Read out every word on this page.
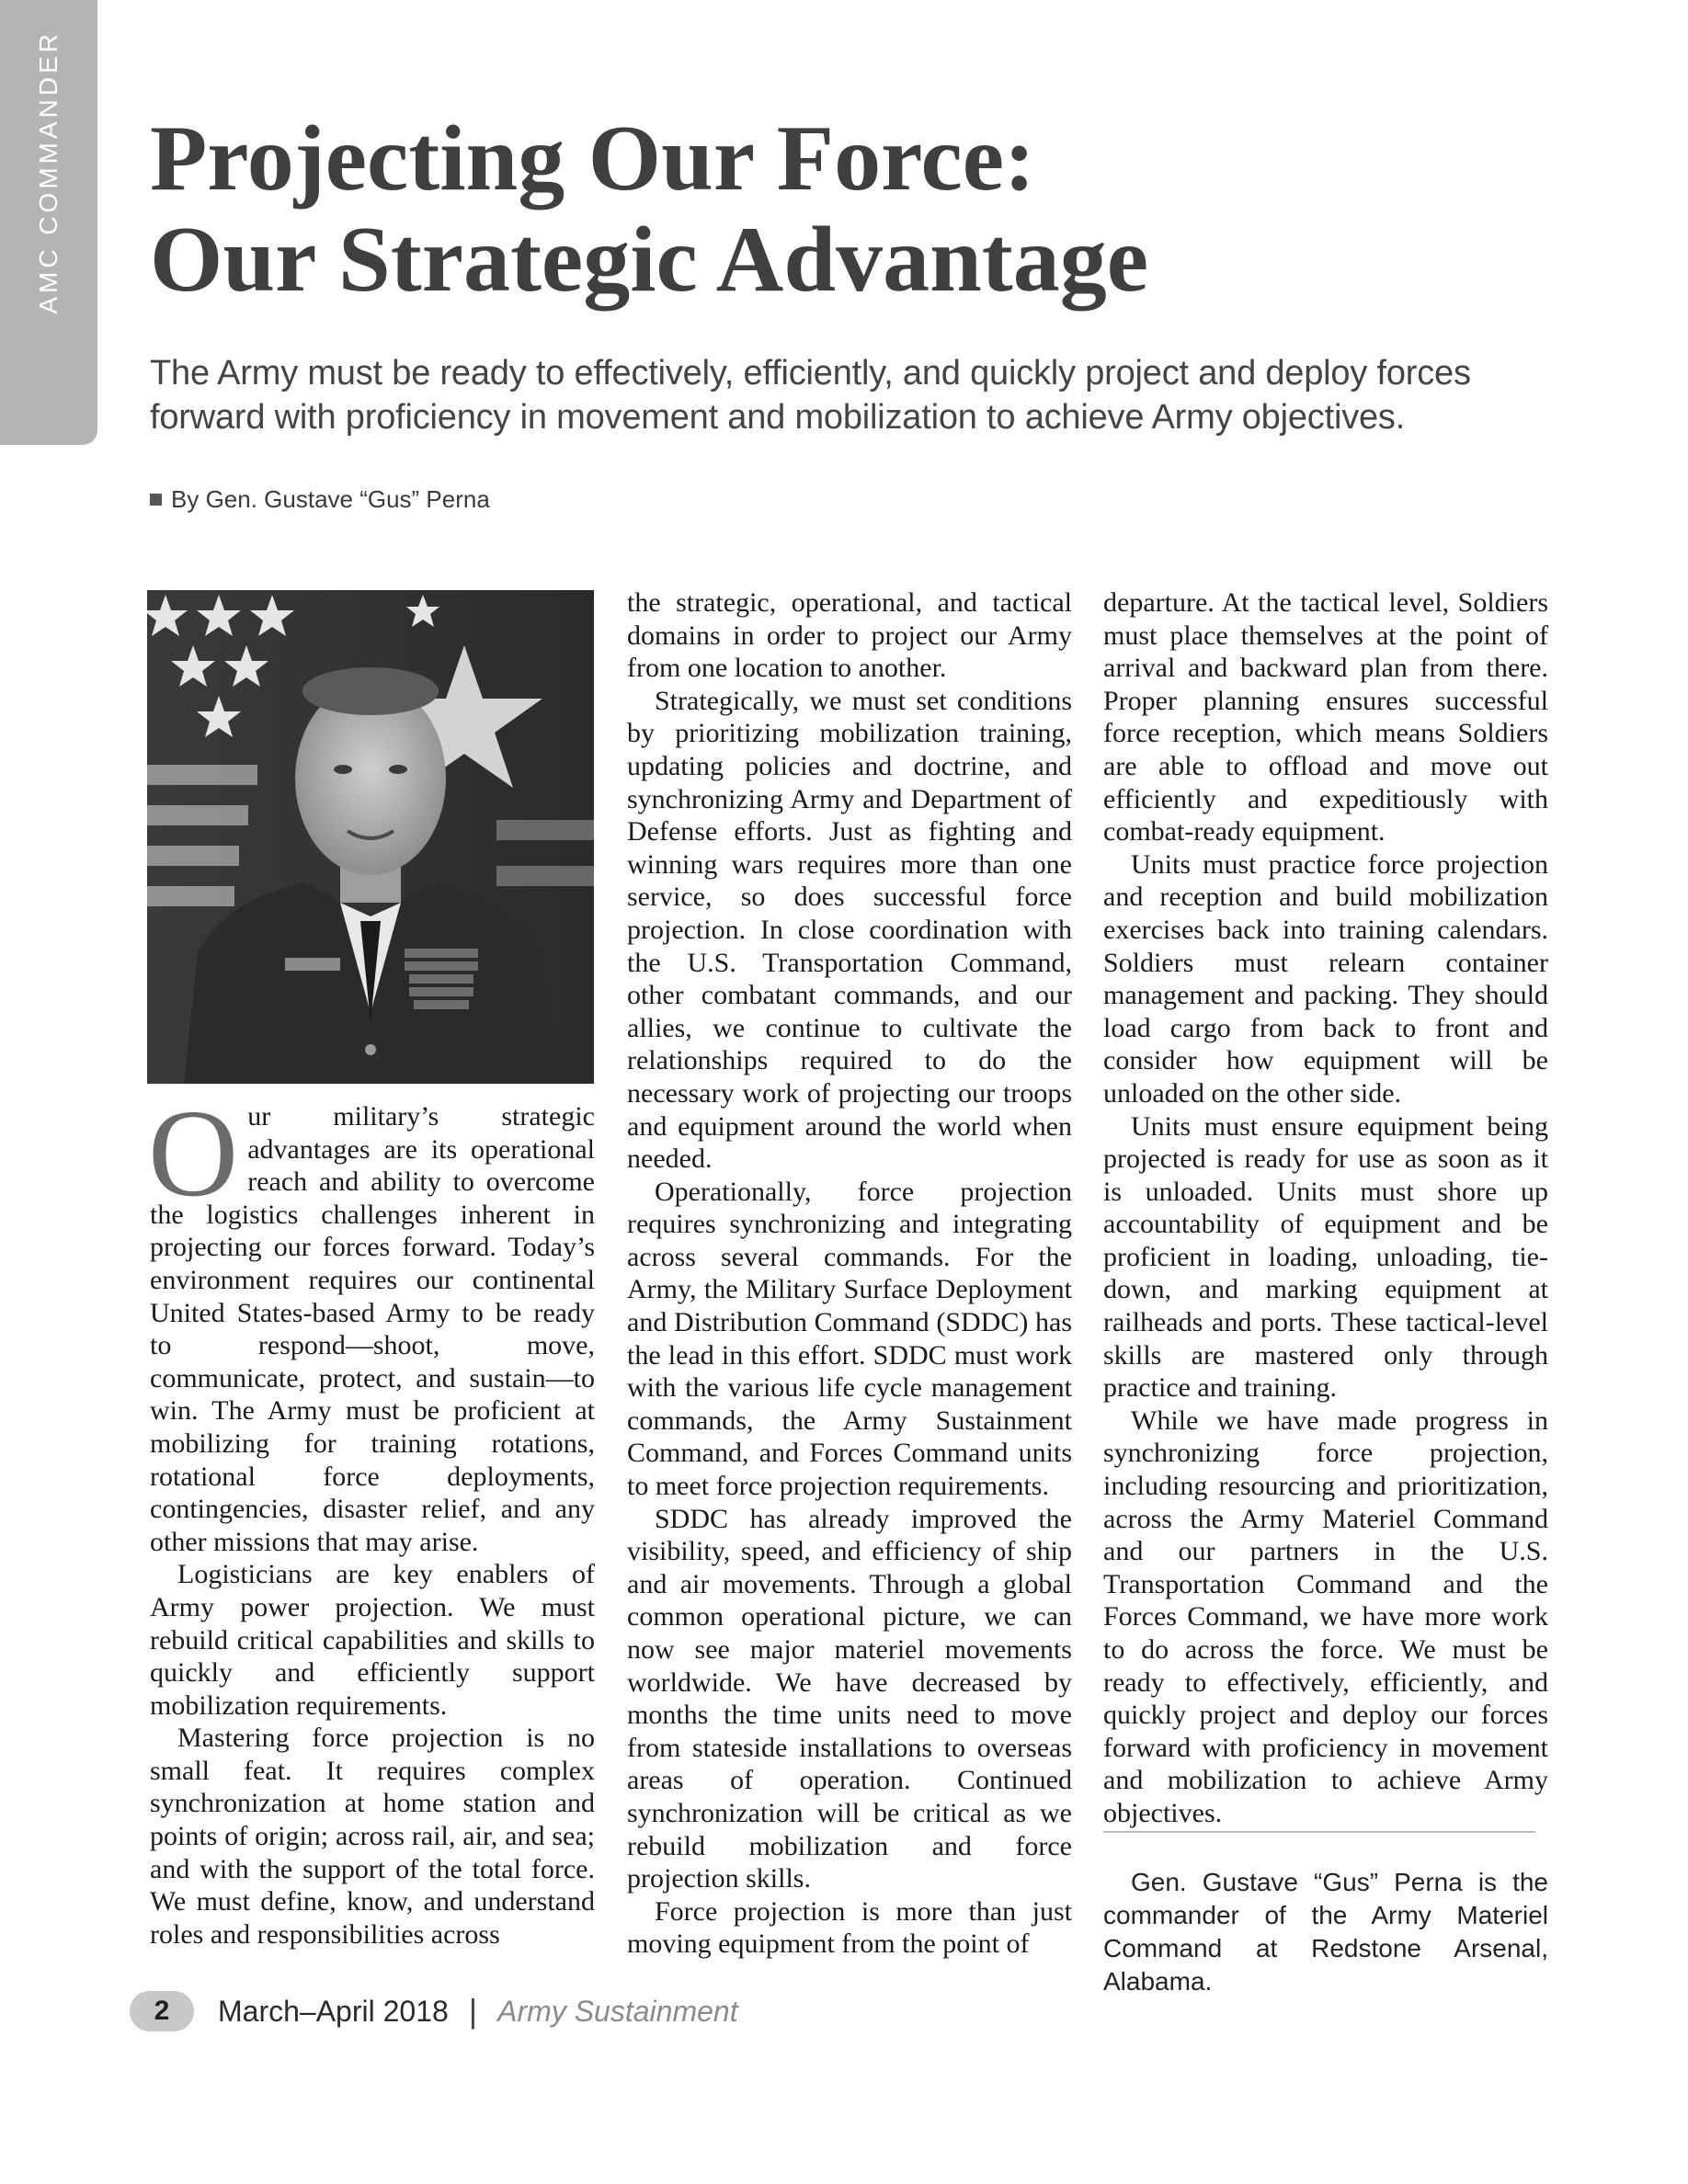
AMC COMMANDER Projecting Our Force:
Our Strategic Advantage

The Army must be ready to effectively, efficiently, and quickly project and deploy forces forward with proficiency in movement and mobilization to achieve Army objectives.

By Gen. Gustave “Gus” Perna

Our military’s strategic advantages are its operational reach and ability to overcome the logistics challenges inherent in projecting our forces forward. Today’s environment requires our continental United States-based Army to be ready to respond—shoot, move, communicate, protect, and sustain—to win. The Army must be proficient at mobilizing for training rotations, rotational force deployments, contingencies, disaster relief, and any other missions that may arise.

Logisticians are key enablers of Army power projection. We must rebuild critical capabilities and skills to quickly and efficiently support mobilization requirements.

Mastering force projection is no small feat. It requires complex synchronization at home station and points of origin; across rail, air, and sea; and with the support of the total force. We must define, know, and understand roles and responsibilities across

the strategic, operational, and tactical domains in order to project our Army from one location to another.

Strategically, we must set conditions by prioritizing mobilization training, updating policies and doctrine, and synchronizing Army and Department of Defense efforts. Just as fighting and winning wars requires more than one service, so does successful force projection. In close coordination with the U.S. Transportation Command, other combatant commands, and our allies, we continue to cultivate the relationships required to do the necessary work of projecting our troops and equipment around the world when needed.

Operationally, force projection requires synchronizing and integrating across several commands. For the Army, the Military Surface Deployment and Distribution Command (SDDC) has the lead in this effort. SDDC must work with the various life cycle management commands, the Army Sustainment Command, and Forces Command units to meet force projection requirements.

SDDC has already improved the visibility, speed, and efficiency of ship and air movements. Through a global common operational picture, we can now see major materiel movements worldwide. We have decreased by months the time units need to move from stateside installations to overseas areas of operation. Continued synchronization will be critical as we rebuild mobilization and force projection skills.

Force projection is more than just moving equipment from the point of

departure. At the tactical level, Soldiers must place themselves at the point of arrival and backward plan from there. Proper planning ensures successful force reception, which means Soldiers are able to offload and move out efficiently and expeditiously with combat-ready equipment.

Units must practice force projection and reception and build mobilization exercises back into training calendars. Soldiers must relearn container management and packing. They should load cargo from back to front and consider how equipment will be unloaded on the other side.

Units must ensure equipment being projected is ready for use as soon as it is unloaded. Units must shore up accountability of equipment and be proficient in loading, unloading, tie-down, and marking equipment at railheads and ports. These tactical-level skills are mastered only through practice and training.

While we have made progress in synchronizing force projection, including resourcing and prioritization, across the Army Materiel Command and our partners in the U.S. Transportation Command and the Forces Command, we have more work to do across the force. We must be ready to effectively, efficiently, and quickly project and deploy our forces forward with proficiency in movement and mobilization to achieve Army objectives.

Gen. Gustave “Gus” Perna is the commander of the Army Materiel Command at Redstone Arsenal, Alabama.
2	March–April 2018 | Army Sustainment
